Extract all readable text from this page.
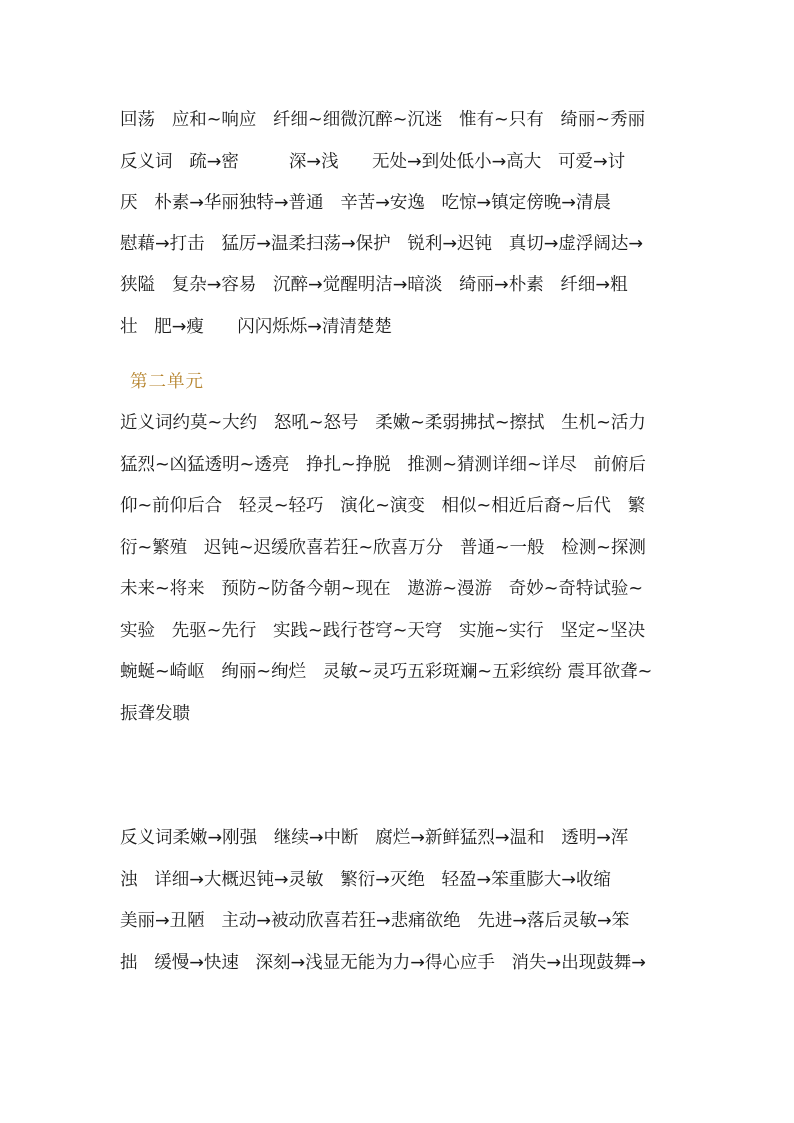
回荡   应和~响应   纤细~细微沉醉~沉迷   惟有~只有   绮丽~秀丽
反义词   疏→密         深→浅      无处→到处低小→高大   可爱→讨
厌   朴素→华丽独特→普通   辛苦→安逸   吃惊→镇定傍晚→清晨
慰藉→打击   猛厉→温柔扫荡→保护   锐利→迟钝   真切→虚浮阔达→
狭隘   复杂→容易   沉醉→觉醒明洁→暗淡   绮丽→朴素   纤细→粗
壮   肥→瘦      闪闪烁烁→清清楚楚
第二单元
近义词约莫~大约   怒吼~怒号   柔嫩~柔弱拂拭~擦拭   生机~活力
猛烈~凶猛透明~透亮   挣扎~挣脱   推测~猜测详细~详尽   前俯后
仰~前仰后合   轻灵~轻巧   演化~演变   相似~相近后裔~后代   繁
衍~繁殖   迟钝~迟缓欣喜若狂~欣喜万分   普通~一般   检测~探测
未来~将来   预防~防备今朝~现在   遨游~漫游   奇妙~奇特试验~
实验   先驱~先行   实践~践行苍穹~天穹   实施~实行   坚定~坚决
蜿蜒~崎岖   绚丽~绚烂   灵敏~灵巧五彩斑斓~五彩缤纷 震耳欲聋~
振聋发聩
反义词柔嫩→刚强   继续→中断   腐烂→新鲜猛烈→温和   透明→浑
浊   详细→大概迟钝→灵敏   繁衍→灭绝   轻盈→笨重膨大→收缩
美丽→丑陋   主动→被动欣喜若狂→悲痛欲绝   先进→落后灵敏→笨
拙   缓慢→快速   深刻→浅显无能为力→得心应手   消失→出现鼓舞→
